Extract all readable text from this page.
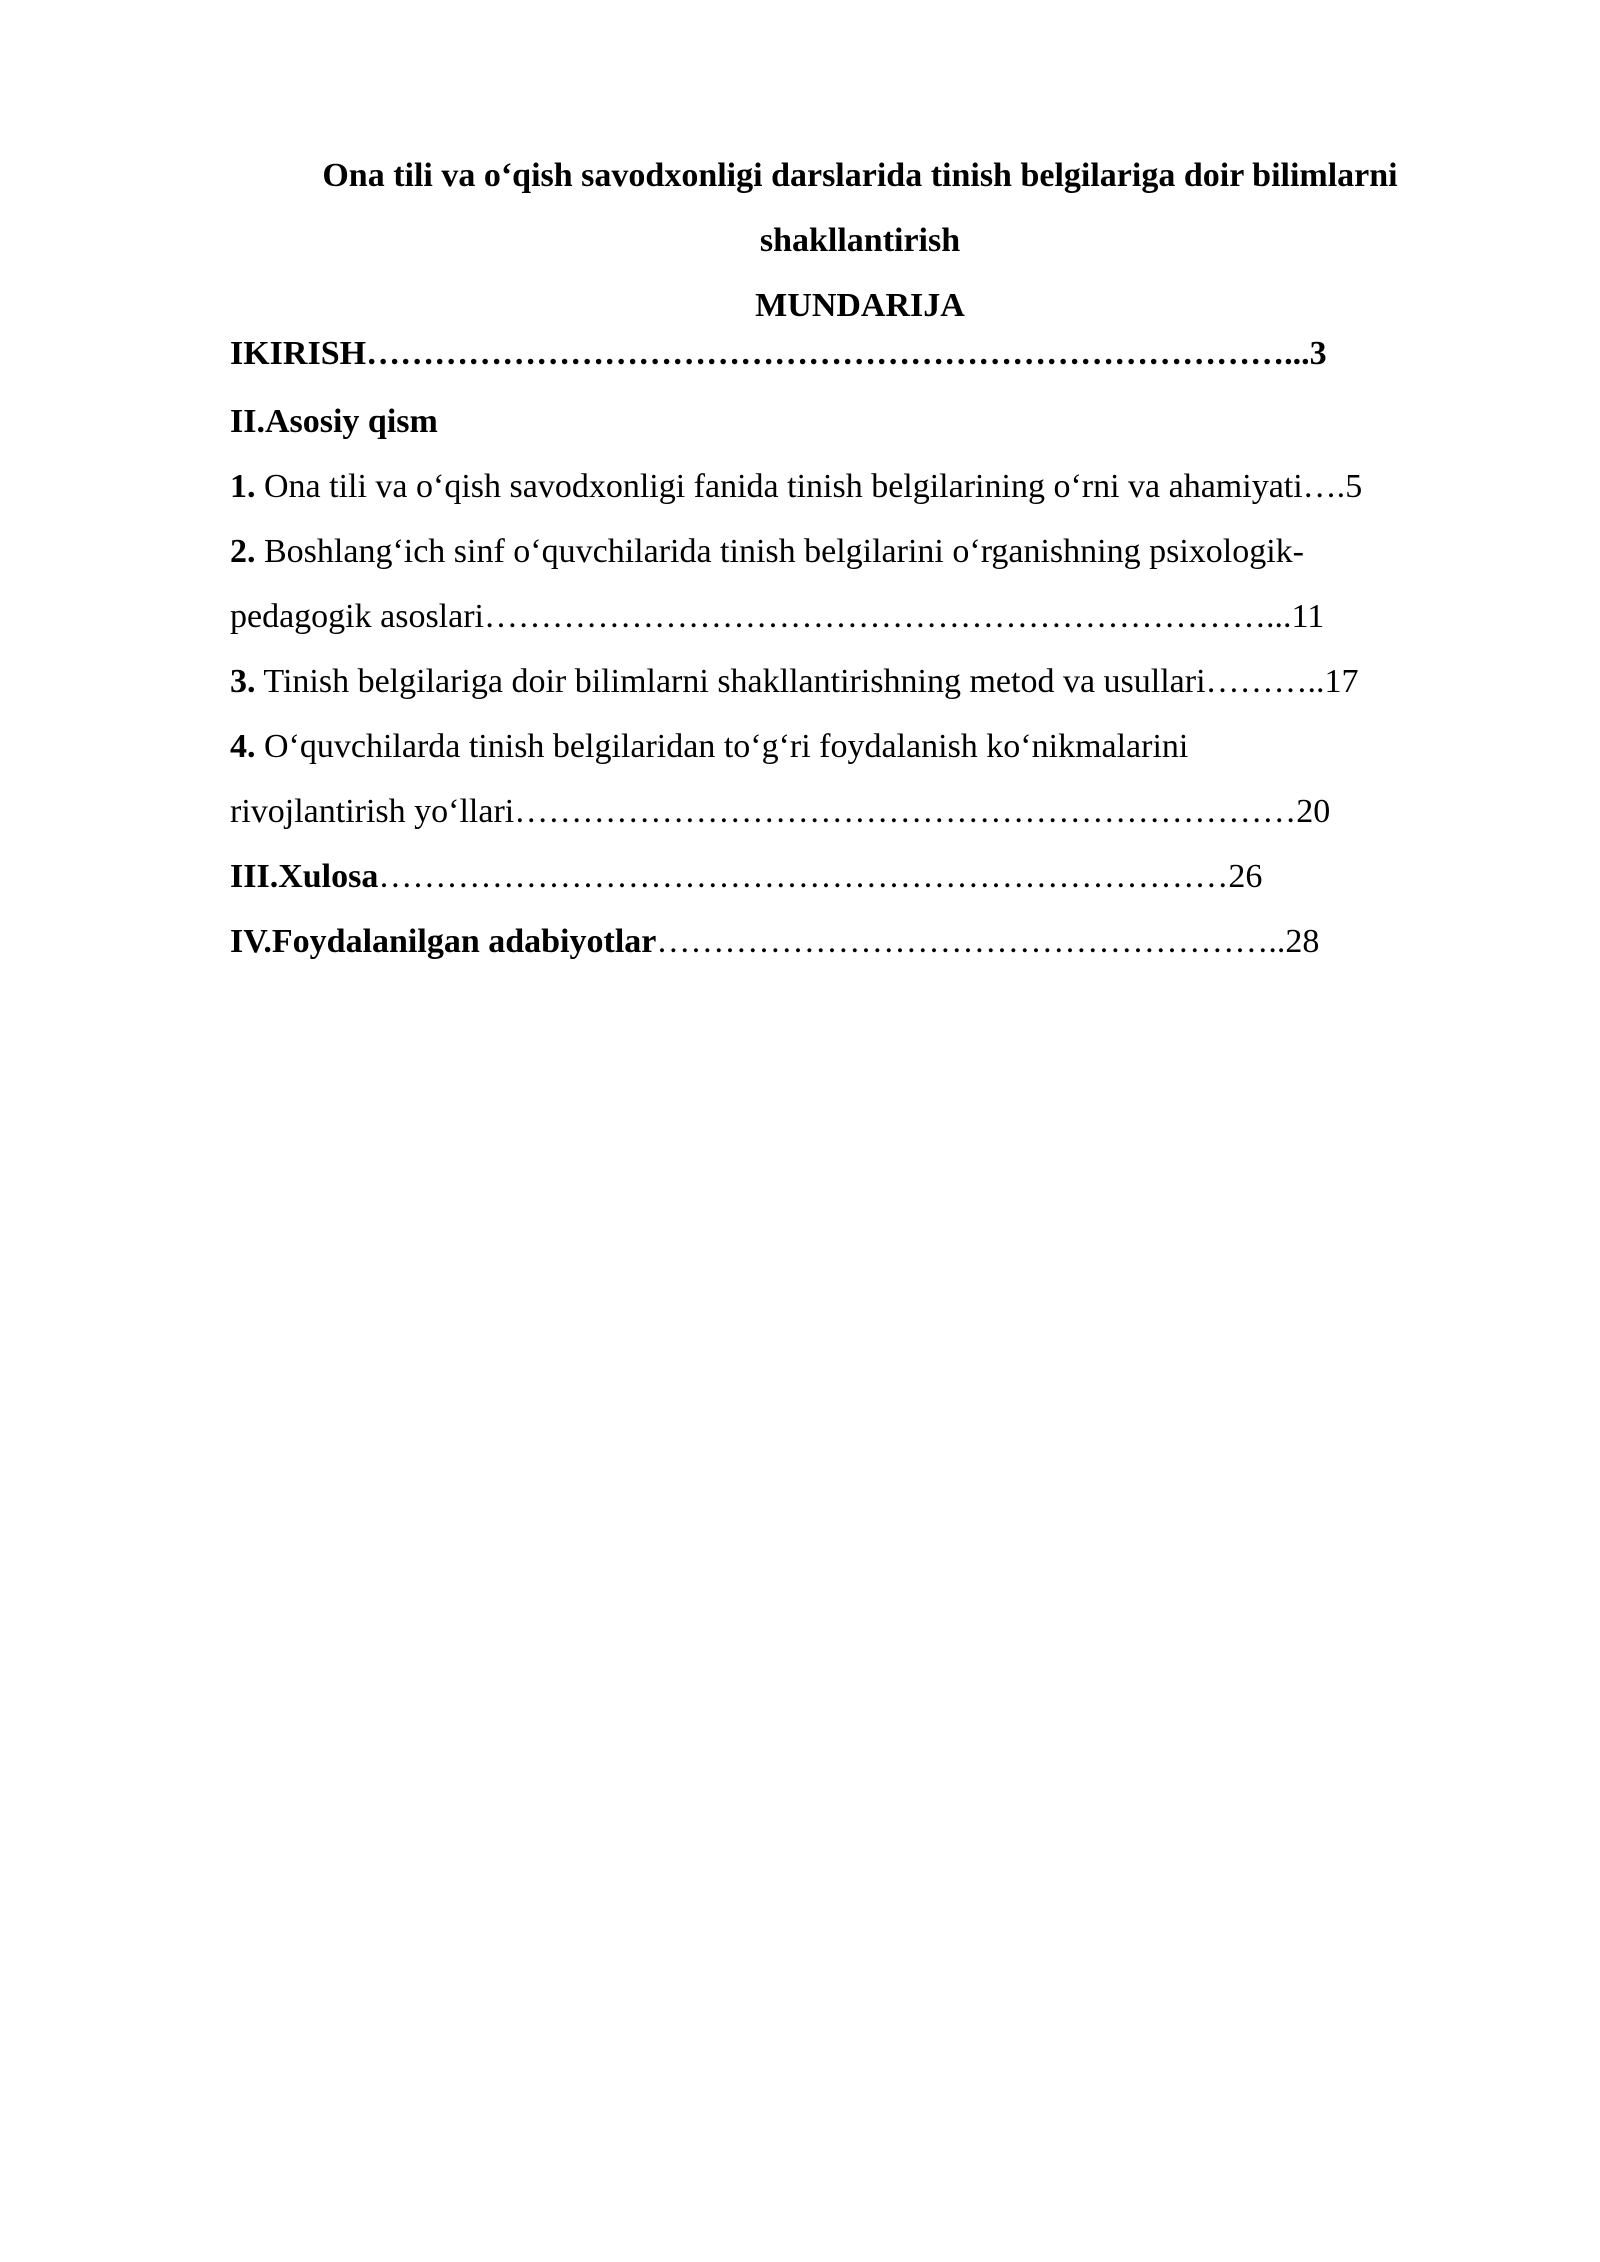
Ona tili va o‘qish savodxonligi darslarida tinish belgilariga doir bilimlarni
shakllantirish
MUNDARIJA
IKIRISH………………………………………………………………………...3
II.Asosiy qism
1. Ona tili va o‘qish savodxonligi fanida tinish belgilarining o‘rni va ahamiyati….5
2. Boshlang‘ich sinf o‘quvchilarida tinish belgilarini o‘rganishning psixologik-
pedagogik asoslari……………………………………………………………...11
3. Tinish belgilariga doir bilimlarni shakllantirishning metod va usullari………..17
4. O‘quvchilarda tinish belgilaridan to‘g‘ri foydalanish ko‘nikmalarini
rivojlantirish yo‘llari……………………………………………………………20
III.Xulosa…………………………………………………………………26
IV.Foydalanilgan adabiyotlar………………………………………………..28
